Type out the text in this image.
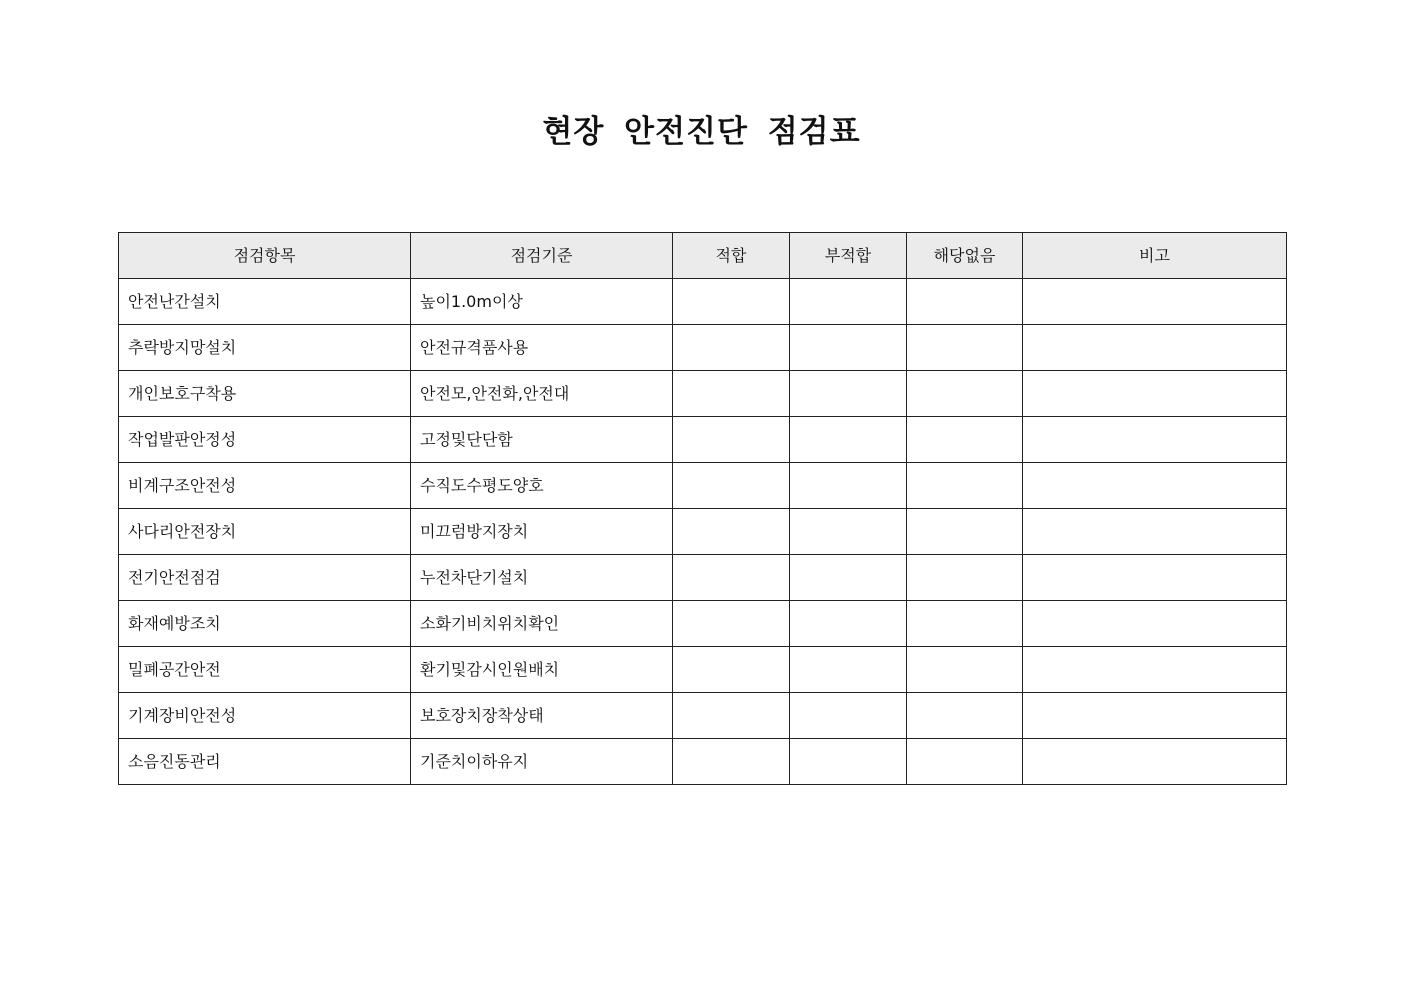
현장 안전진단 점검표
점검항목	점검기준	적합	부적합	해당없음	비고
안전난간설치	높이1.0m이상				
추락방지망설치	안전규격품사용				
개인보호구착용	안전모,안전화,안전대				
작업발판안정성	고정및단단함				
비계구조안전성	수직도수평도양호				
사다리안전장치	미끄럼방지장치				
전기안전점검	누전차단기설치				
화재예방조치	소화기비치위치확인				
밀폐공간안전	환기및감시인원배치				
기계장비안전성	보호장치장착상태				
소음진동관리	기준치이하유지				
